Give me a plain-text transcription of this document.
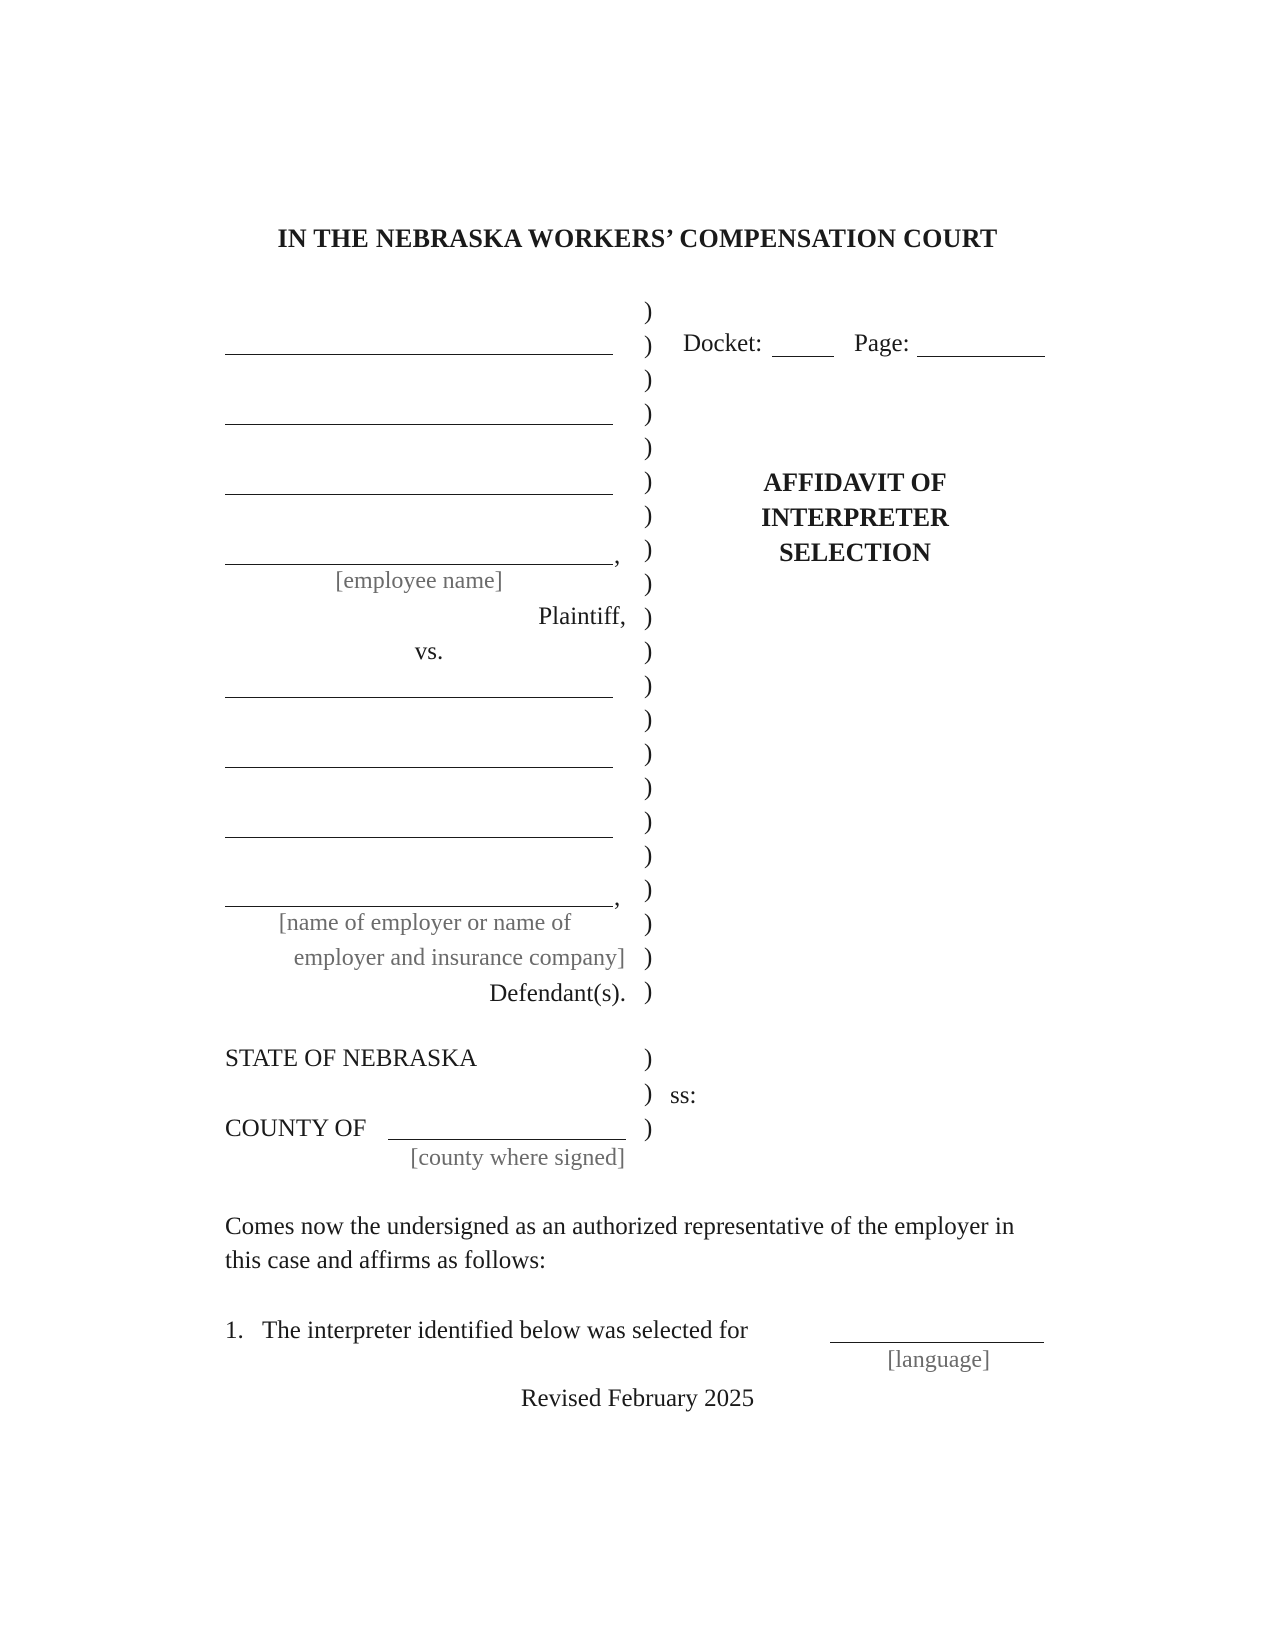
IN THE NEBRASKA WORKERS’ COMPENSATION COURT
,
[employee name]
Plaintiff,
vs.
,
[name of employer or name of
employer and insurance company]
Defendant(s).
)
)
)
)
)
)
)
)
)
)
)
)
)
)
)
)
)
)
)
)
)
Docket:	Page:
AFFIDAVIT OF
INTERPRETER
SELECTION
STATE OF NEBRASKA	)
) ss:
COUNTY OF	)
[county where signed]
Comes now the undersigned as an authorized representative of the employer in this case and affirms as follows:
1. The interpreter identified below was selected for
[language]
Revised February 2025
